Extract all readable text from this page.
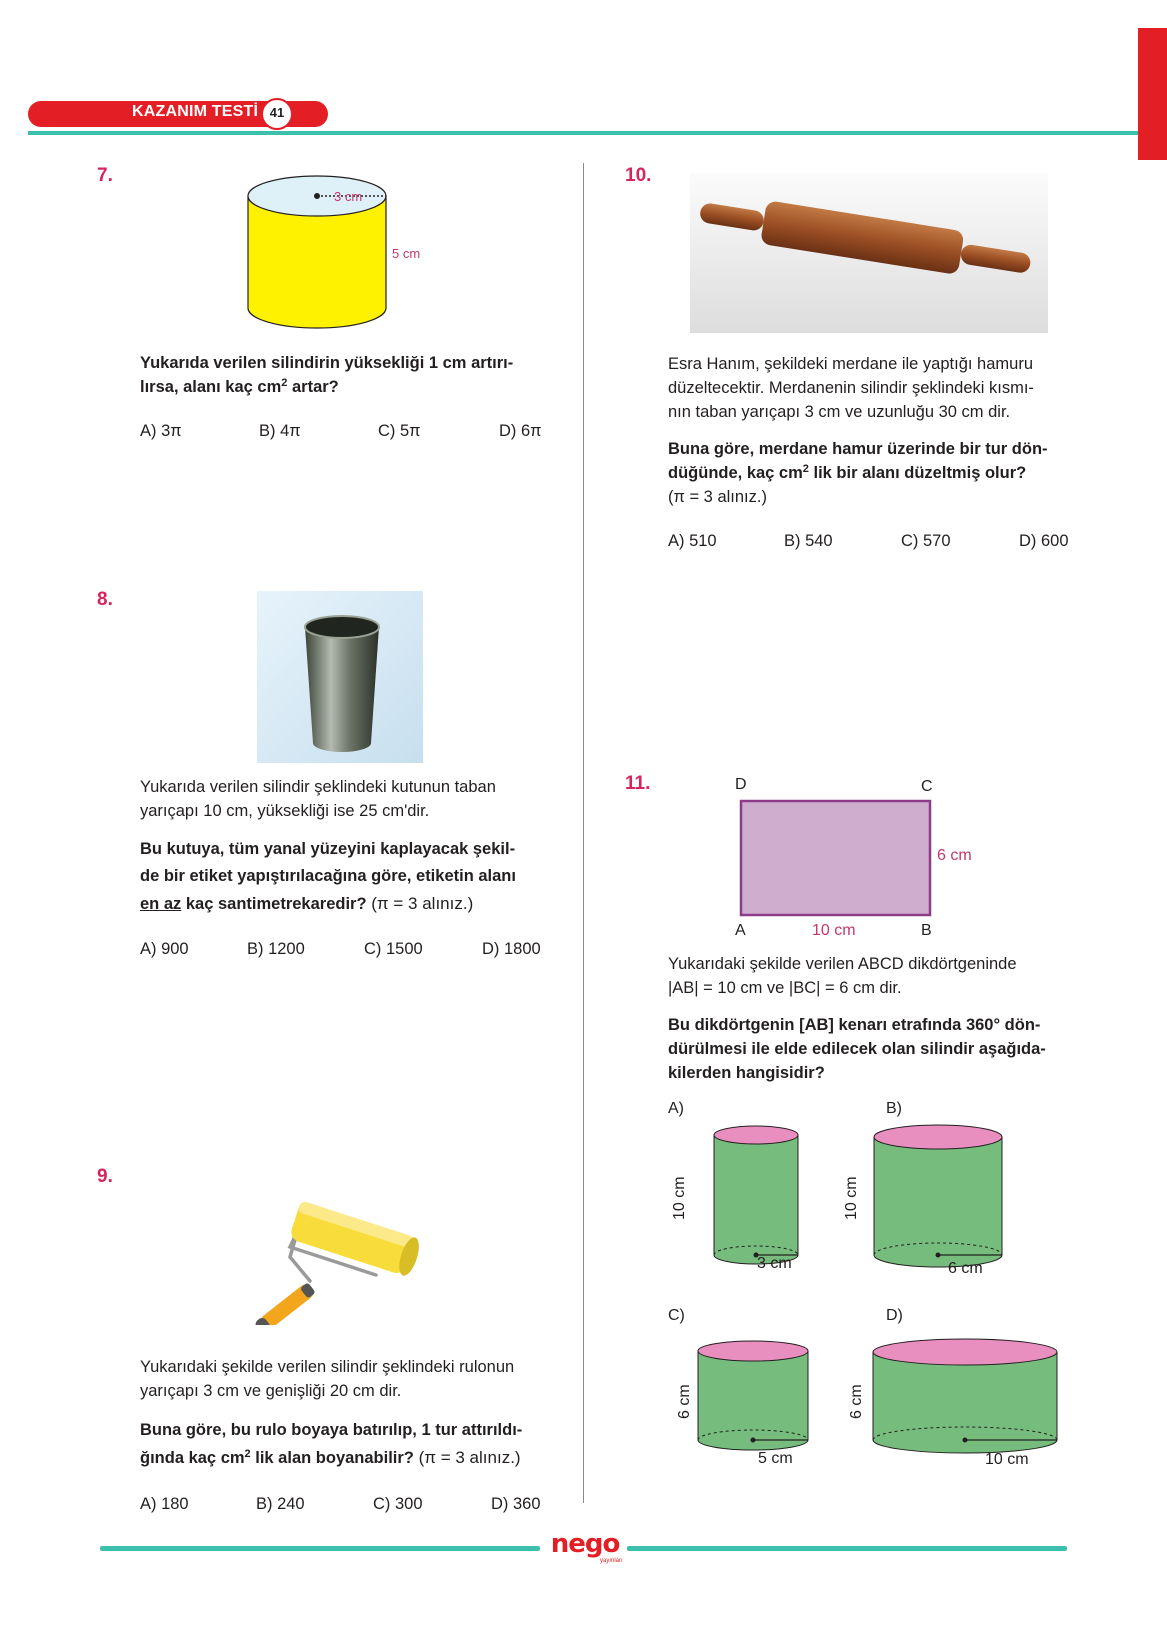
KAZANIM TESTİ 41
7.
3 cm
5 cm
Yukarıda verilen silindirin yüksekliği 1 cm artırı-
lırsa, alanı kaç $cm^2$ artar?
A) 3π	B) 4π	C) 5π	D) 6π
8.
Yukarıda verilen silindir şeklindeki kutunun taban
yarıçapı 10 cm, yüksekliği ise 25 cm'dir.
Bu kutuya, tüm yanal yüzeyini kaplayacak şekil-
de bir etiket yapıştırılacağına göre, etiketin alanı
en az kaç santimetrekaredir? (π = 3 alınız.)
A) 900	B) 1200	C) 1500	D) 1800
9.
Yukarıdaki şekilde verilen silindir şeklindeki rulonun
yarıçapı 3 cm ve genişliği 20 cm dir.
Buna göre, bu rulo boyaya batırılıp, 1 tur attırıldı-
ğında kaç $cm^2$ lik alan boyanabilir? (π = 3 alınız.)
A) 180	B) 240	C) 300	D) 360
10.
Esra Hanım, şekildeki merdane ile yaptığı hamuru
düzeltecektir. Merdanenin silindir şeklindeki kısmı-
nın taban yarıçapı 3 cm ve uzunluğu 30 cm dir.
Buna göre, merdane hamur üzerinde bir tur dön-
düğünde, kaç $cm^2$ lik bir alanı düzeltmiş olur?
(π = 3 alınız.)
A) 510	B) 540	C) 570	D) 600
11.	D	C
A	B
6 cm
10 cm
Yukarıdaki şekilde verilen ABCD dikdörtgeninde
|AB| = 10 cm ve |BC| = 6 cm dir.
Bu dikdörtgenin [AB] kenarı etrafında 360° dön-
dürülmesi ile elde edilecek olan silindir aşağıda-
kilerden hangisidir?
A)	B)
C)	D)
10 cm
3 cm
10 cm
6 cm
6 cm
5 cm
6 cm
10 cm
nego
yayınları
